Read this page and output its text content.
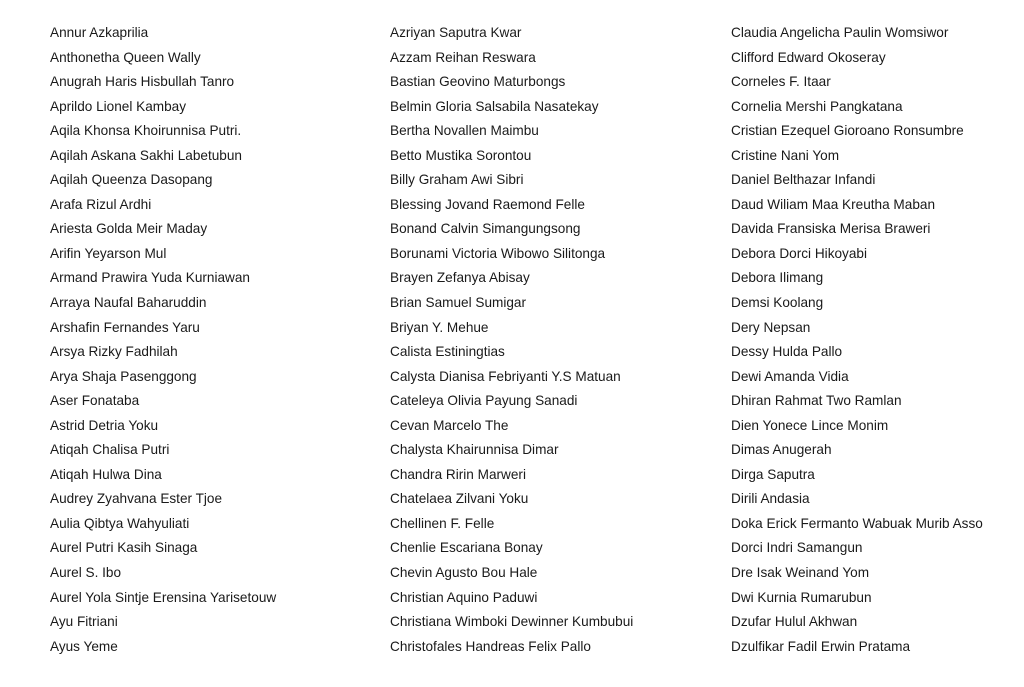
Annur Azkaprilia
Anthonetha Queen Wally
Anugrah Haris Hisbullah Tanro
Aprildo Lionel Kambay
Aqila Khonsa Khoirunnisa Putri.
Aqilah Askana Sakhi Labetubun
Aqilah Queenza Dasopang
Arafa Rizul Ardhi
Ariesta Golda Meir Maday
Arifin Yeyarson Mul
Armand Prawira Yuda Kurniawan
Arraya Naufal Baharuddin
Arshafin Fernandes Yaru
Arsya Rizky Fadhilah
Arya Shaja Pasenggong
Aser Fonataba
Astrid Detria Yoku
Atiqah Chalisa Putri
Atiqah Hulwa Dina
Audrey Zyahvana Ester Tjoe
Aulia Qibtya Wahyuliati
Aurel Putri Kasih Sinaga
Aurel S. Ibo
Aurel Yola Sintje Erensina Yarisetouw
Ayu Fitriani
Ayus Yeme
Azriyan Saputra Kwar
Azzam Reihan Reswara
Bastian Geovino Maturbongs
Belmin Gloria Salsabila Nasatekay
Bertha Novallen Maimbu
Betto Mustika Sorontou
Billy Graham Awi Sibri
Blessing Jovand Raemond Felle
Bonand Calvin Simangungsong
Borunami Victoria Wibowo Silitonga
Brayen Zefanya Abisay
Brian Samuel Sumigar
Briyan Y. Mehue
Calista Estiningtias
Calysta Dianisa Febriyanti Y.S Matuan
Cateleya Olivia Payung Sanadi
Cevan Marcelo The
Chalysta Khairunnisa Dimar
Chandra Ririn Marweri
Chatelaea Zilvani Yoku
Chellinen F. Felle
Chenlie Escariana Bonay
Chevin Agusto Bou Hale
Christian Aquino Paduwi
Christiana Wimboki Dewinner Kumbubui
Christofales Handreas Felix Pallo
Claudia Angelicha Paulin Womsiwor
Clifford Edward Okoseray
Corneles F. Itaar
Cornelia Mershi Pangkatana
Cristian Ezequel Gioroano Ronsumbre
Cristine Nani Yom
Daniel Belthazar Infandi
Daud Wiliam Maa Kreutha Maban
Davida Fransiska Merisa Braweri
Debora Dorci Hikoyabi
Debora Ilimang
Demsi Koolang
Dery Nepsan
Dessy Hulda Pallo
Dewi Amanda Vidia
Dhiran Rahmat Two Ramlan
Dien Yonece Lince Monim
Dimas Anugerah
Dirga Saputra
Dirili Andasia
Doka Erick Fermanto Wabuak Murib Asso
Dorci Indri Samangun
Dre Isak Weinand Yom
Dwi Kurnia Rumarubun
Dzufar Hulul Akhwan
Dzulfikar Fadil Erwin Pratama
